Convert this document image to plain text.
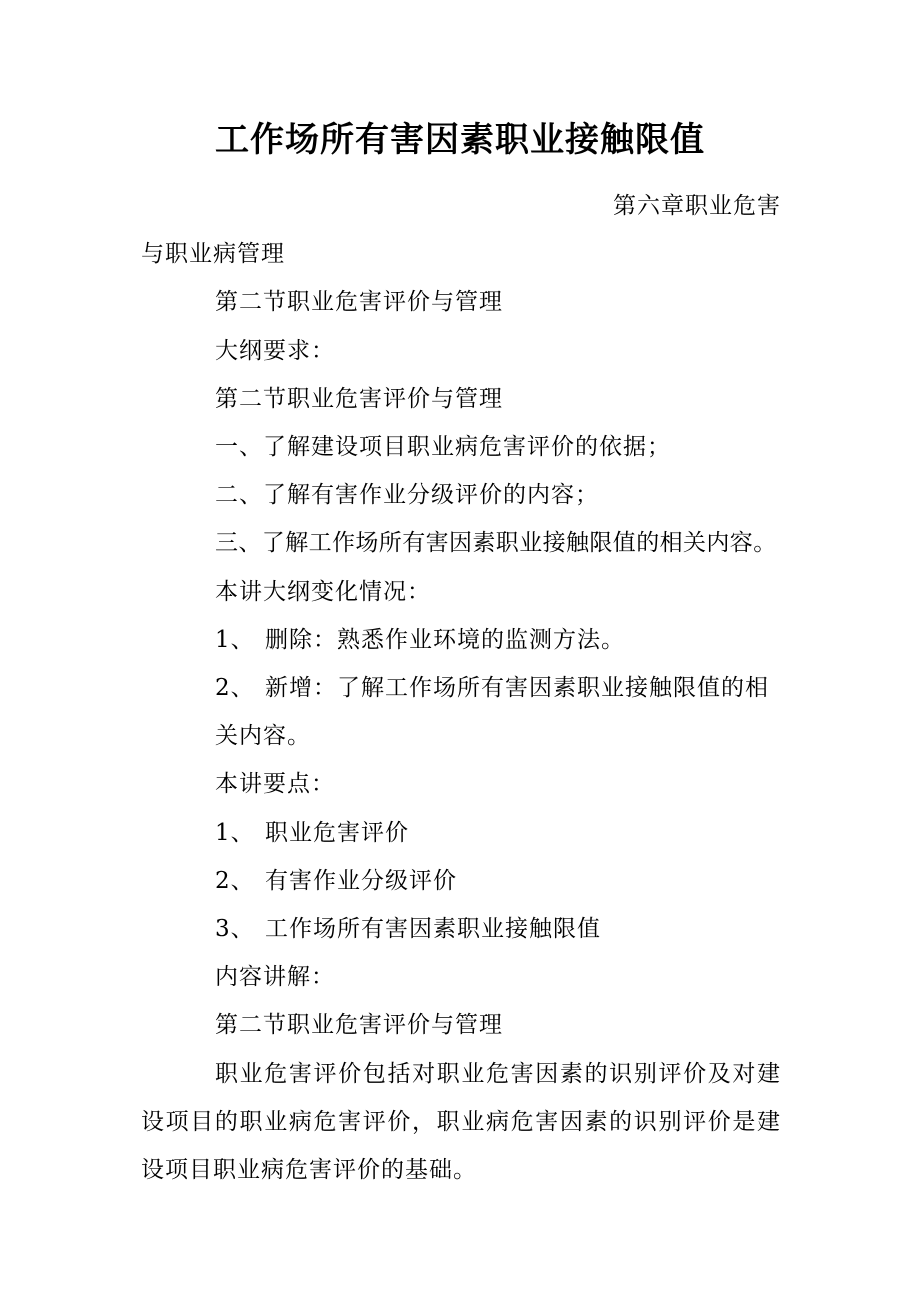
工作场所有害因素职业接触限值

第六章职业危害

与职业病管理

第二节职业危害评价与管理

大纲要求：

第二节职业危害评价与管理

一、了解建设项目职业病危害评价的依据；

二、了解有害作业分级评价的内容；

三、了解工作场所有害因素职业接触限值的相关内容。

本讲大纲变化情况：

1、 删除：熟悉作业环境的监测方法。

2、 新增：了解工作场所有害因素职业接触限值的相关内容。

本讲要点：

1、 职业危害评价

2、 有害作业分级评价

3、 工作场所有害因素职业接触限值

内容讲解：

第二节职业危害评价与管理

职业危害评价包括对职业危害因素的识别评价及对建设项目的职业病危害评价，职业病危害因素的识别评价是建设项目职业病危害评价的基础。
